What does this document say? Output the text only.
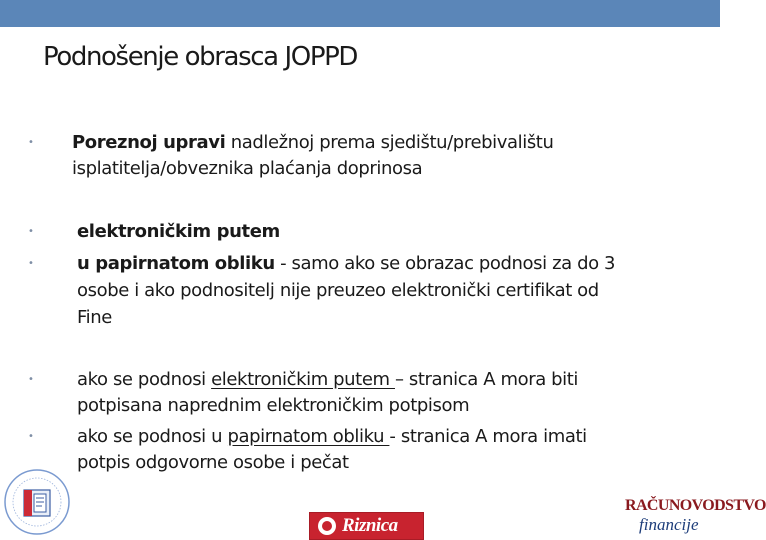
Podnošenje obrasca JOPPD
• Poreznoj upravi nadležnoj prema sjedištu/prebivalištu
isplatitelja/obveznika plaćanja doprinosa
• elektroničkim putem
• u papirnatom obliku - samo ako se obrazac podnosi za do 3
osobe i ako podnositelj nije preuzeo elektronički certifikat od
Fine
• ako se podnosi elektroničkim putem – stranica A mora biti
potpisana naprednim elektroničkim potpisom
• ako se podnosi u papirnatom obliku - stranica A mora imati
potpis odgovorne osobe i pečat
Riznica
RAČUNOVODSTVO
financije
